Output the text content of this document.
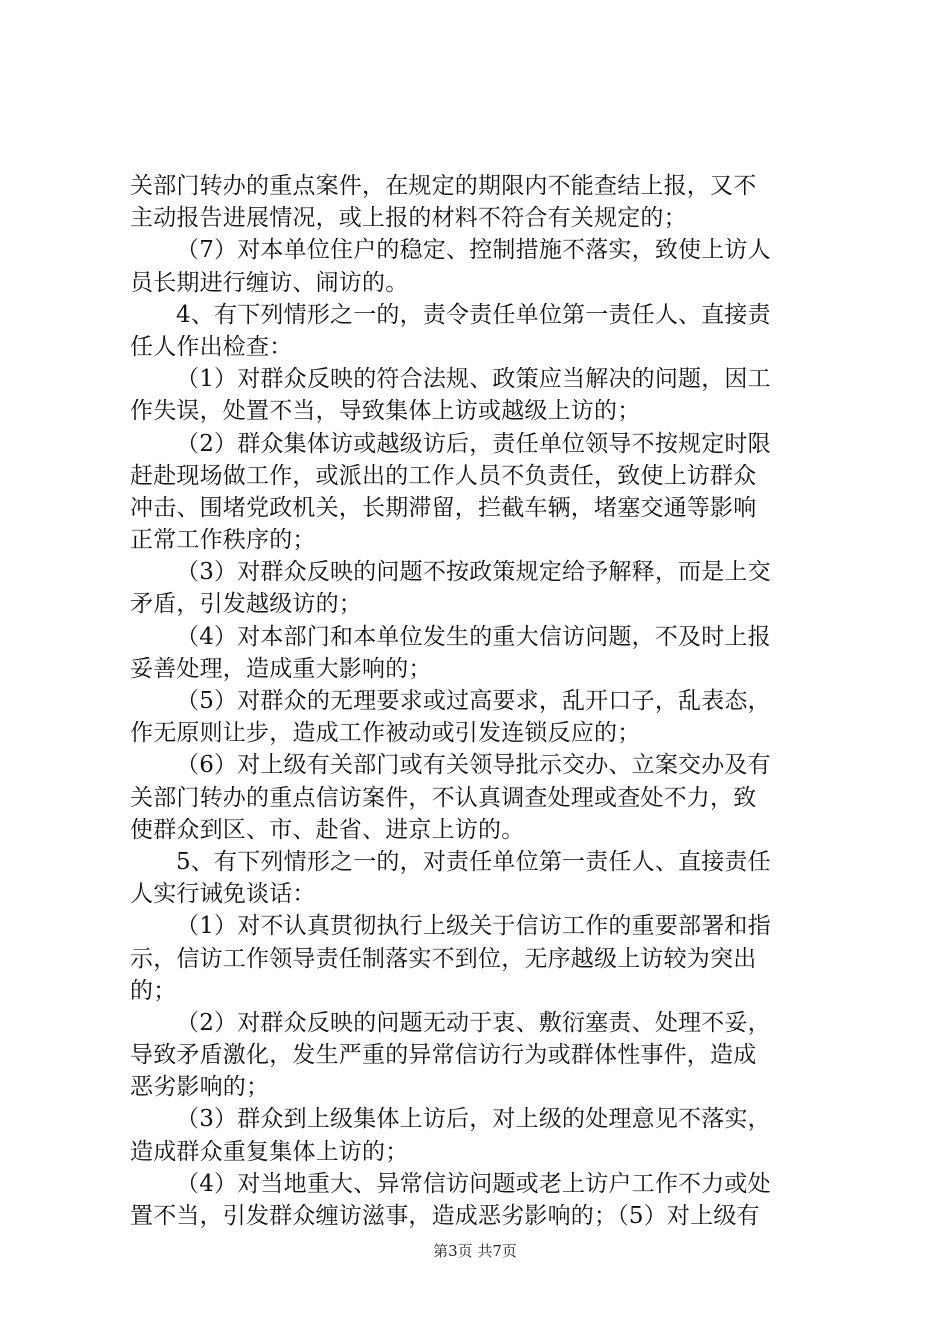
关部门转办的重点案件，在规定的期限内不能查结上报，又不
主动报告进展情况，或上报的材料不符合有关规定的；
（7）对本单位住户的稳定、控制措施不落实，致使上访人
员长期进行缠访、闹访的。
4、有下列情形之一的，责令责任单位第一责任人、直接责
任人作出检查：
（1）对群众反映的符合法规、政策应当解决的问题，因工
作失误，处置不当，导致集体上访或越级上访的；
（2）群众集体访或越级访后，责任单位领导不按规定时限
赶赴现场做工作，或派出的工作人员不负责任，致使上访群众
冲击、围堵党政机关，长期滞留，拦截车辆，堵塞交通等影响
正常工作秩序的；
（3）对群众反映的问题不按政策规定给予解释，而是上交
矛盾，引发越级访的；
（4）对本部门和本单位发生的重大信访问题，不及时上报
妥善处理，造成重大影响的；
（5）对群众的无理要求或过高要求，乱开口子，乱表态，
作无原则让步，造成工作被动或引发连锁反应的；
（6）对上级有关部门或有关领导批示交办、立案交办及有
关部门转办的重点信访案件，不认真调查处理或查处不力，致
使群众到区、市、赴省、进京上访的。
5、有下列情形之一的，对责任单位第一责任人、直接责任
人实行诫免谈话：
（1）对不认真贯彻执行上级关于信访工作的重要部署和指
示，信访工作领导责任制落实不到位，无序越级上访较为突出
的；
（2）对群众反映的问题无动于衷、敷衍塞责、处理不妥，
导致矛盾激化，发生严重的异常信访行为或群体性事件，造成
恶劣影响的；
（3）群众到上级集体上访后，对上级的处理意见不落实，
造成群众重复集体上访的；
（4）对当地重大、异常信访问题或老上访户工作不力或处
置不当，引发群众缠访滋事，造成恶劣影响的；（5）对上级有
第3页 共7页
